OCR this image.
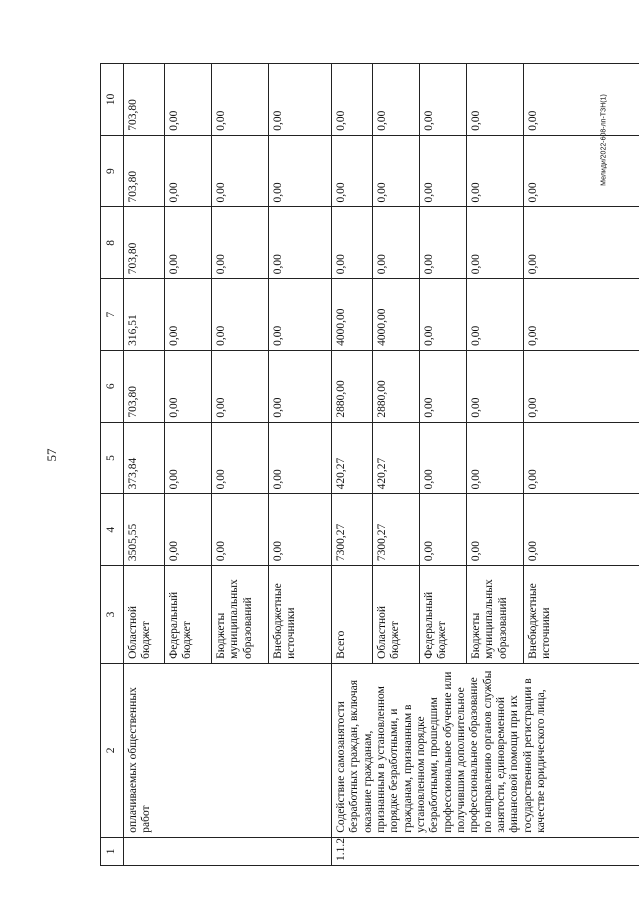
57
Мелиди/2022-608-лп-ТЗН(1)
1	2	3	4	5	6	7	8	9	10
	оплачиваемых общественных работ	Областной бюджет	3505,55	373,84	703,80	316,51	703,80	703,80	703,80
		Федеральный бюджет	0,00	0,00	0,00	0,00	0,00	0,00	0,00
		Бюджеты муниципальных образований	0,00	0,00	0,00	0,00	0,00	0,00	0,00
		Внебюджетные источники	0,00	0,00	0,00	0,00	0,00	0,00	0,00
1.1.2	Содействие самозанятости безработных граждан, включая оказание гражданам, признанным в установленном порядке безработными, и гражданам, признанным в установленном порядке безработными, прошедшим профессиональное обучение или получившим дополнительное профессиональное образование по направлению органов службы занятости, единовременной финансовой помощи при их государственной регистрации в качестве юридического лица,	Всего	7300,27	420,27	2880,00	4000,00	0,00	0,00	0,00
		Областной бюджет	7300,27	420,27	2880,00	4000,00	0,00	0,00	0,00
		Федеральный бюджет	0,00	0,00	0,00	0,00	0,00	0,00	0,00
		Бюджеты муниципальных образований	0,00	0,00	0,00	0,00	0,00	0,00	0,00
		Внебюджетные источники	0,00	0,00	0,00	0,00	0,00	0,00	0,00
